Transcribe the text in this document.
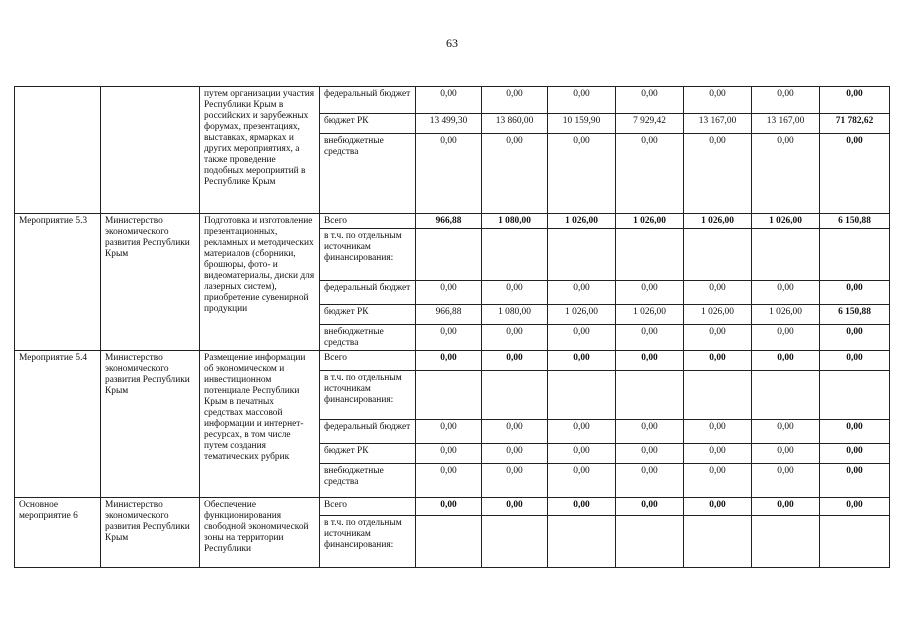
63
		путем организации участия Республики Крым в российских и зарубежных форумах, презентациях, выставках, ярмарках и других мероприятиях, а также проведение подобных мероприятий в Республике Крым	федеральный бюджет	0,00	0,00	0,00	0,00	0,00	0,00	0,00
			бюджет РК	13 499,30	13 860,00	10 159,90	7 929,42	13 167,00	13 167,00	71 782,62
			внебюджетные средства	0,00	0,00	0,00	0,00	0,00	0,00	0,00
Мероприятие 5.3	Министерство экономического развития Республики Крым	Подготовка и изготовление презентационных, рекламных и методических материалов (сборники, брошюры, фото- и видеоматериалы, диски для лазерных систем), приобретение сувенирной продукции	Всего	966,88	1 080,00	1 026,00	1 026,00	1 026,00	1 026,00	6 150,88
			в т.ч. по отдельным источникам финансирования:							
			федеральный бюджет	0,00	0,00	0,00	0,00	0,00	0,00	0,00
			бюджет РК	966,88	1 080,00	1 026,00	1 026,00	1 026,00	1 026,00	6 150,88
			внебюджетные средства	0,00	0,00	0,00	0,00	0,00	0,00	0,00
Мероприятие 5.4	Министерство экономического развития Республики Крым	Размещение информации об экономическом и инвестиционном потенциале Республики Крым в печатных средствах массовой информации и интернет-ресурсах, в том числе путем создания тематических рубрик	Всего	0,00	0,00	0,00	0,00	0,00	0,00	0,00
			в т.ч. по отдельным источникам финансирования:							
			федеральный бюджет	0,00	0,00	0,00	0,00	0,00	0,00	0,00
			бюджет РК	0,00	0,00	0,00	0,00	0,00	0,00	0,00
			внебюджетные средства	0,00	0,00	0,00	0,00	0,00	0,00	0,00
Основное мероприятие 6	Министерство экономического развития Республики Крым	Обеспечение функционирования свободной экономической зоны на территории Республики	Всего	0,00	0,00	0,00	0,00	0,00	0,00	0,00
			в т.ч. по отдельным источникам финансирования:							
